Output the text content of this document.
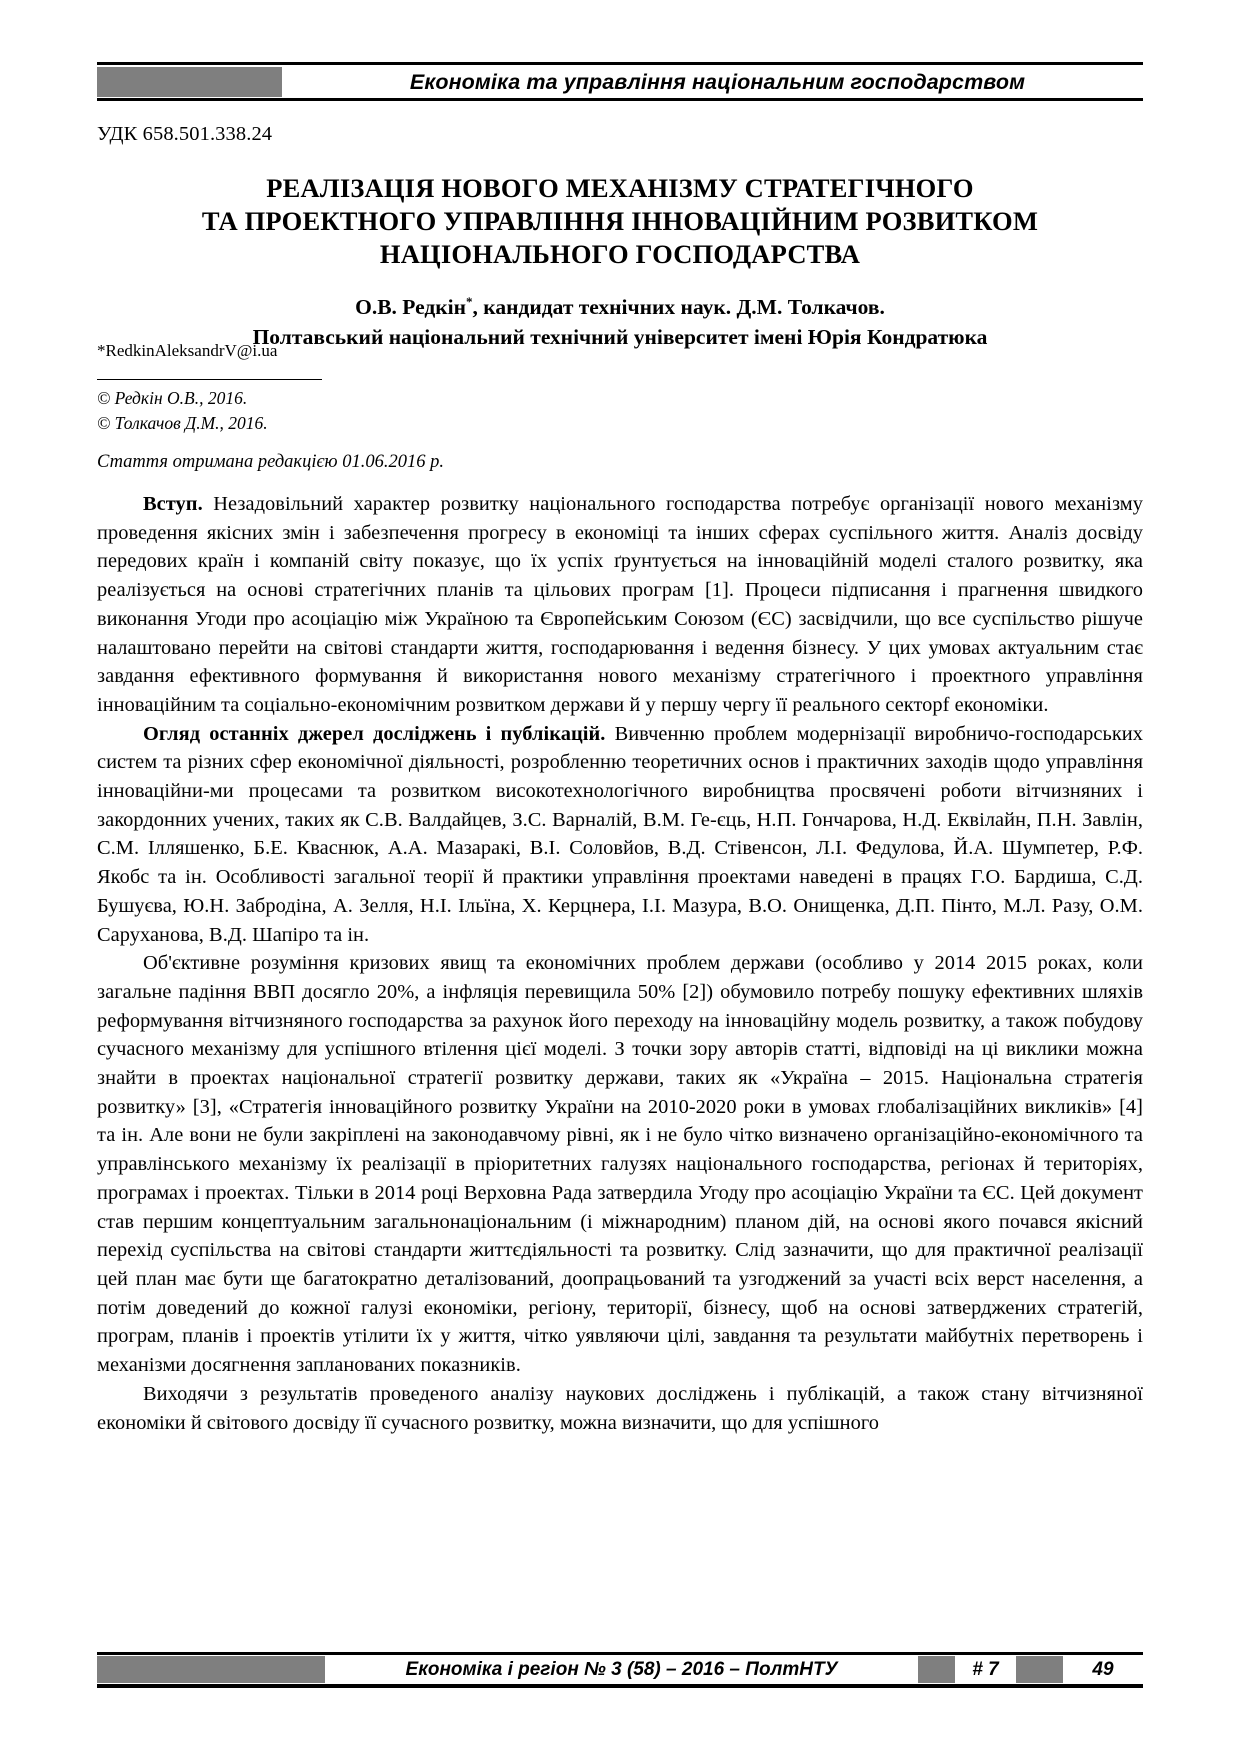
Економіка та управління національним господарством
УДК 658.501.338.24
РЕАЛІЗАЦІЯ НОВОГО МЕХАНІЗМУ СТРАТЕГІЧНОГО
ТА ПРОЕКТНОГО УПРАВЛІННЯ ІННОВАЦІЙНИМ РОЗВИТКОМ
НАЦІОНАЛЬНОГО ГОСПОДАРСТВА
О.В. Редкін*, кандидат технічних наук. Д.М. Толкачов.
Полтавський національний технічний університет імені Юрія Кондратюка
*RedkinAleksandrV@i.ua
© Редкін О.В., 2016.
© Толкачов Д.М., 2016.
Стаття отримана редакцією 01.06.2016 р.

Вступ. Незадовільний характер розвитку національного господарства потребує організації нового механізму проведення якісних змін і забезпечення прогресу в економіці та інших сферах суспільного життя. Аналіз досвіду передових країн і компаній світу показує, що їх успіх ґрунтується на інноваційній моделі сталого розвитку, яка реалізується на основі стратегічних планів та цільових програм [1]. Процеси підписання і прагнення швидкого виконання Угоди про асоціацію між Україною та Європейським Союзом (ЄС) засвідчили, що все суспільство рішуче налаштовано перейти на світові стандарти життя, господарювання і ведення бізнесу. У цих умовах актуальним стає завдання ефективного формування й використання нового механізму стратегічного і проектного управління інноваційним та соціально-економічним розвитком держави й у першу чергу її реального секторf економіки.

Огляд останніх джерел досліджень і публікацій. Вивченню проблем модернізації виробничо-господарських систем та різних сфер економічної діяльності, розробленню теоретичних основ і практичних заходів щодо управління інноваційни-ми процесами та розвитком високотехнологічного виробництва просвячені роботи вітчизняних і закордонних учених, таких як С.В. Валдайцев, З.С. Варналій, В.М. Ге-єць, Н.П. Гончарова, Н.Д. Еквілайн, П.Н. Завлін, С.М. Ілляшенко, Б.Е. Кваснюк, А.А. Мазаракі, В.І. Соловйов, В.Д. Стівенсон, Л.І. Федулова, Й.А. Шумпетер, Р.Ф. Якобс та ін. Особливості загальної теорії й практики управління проектами наведені в працях Г.О. Бардиша, С.Д. Бушуєва, Ю.Н. Забродіна, А. Зелля, Н.І. Ільїна, Х. Керцнера, І.І. Мазура, В.О. Онищенка, Д.П. Пінто, М.Л. Разу, О.М. Саруханова, В.Д. Шапіро та ін.

Об'єктивне розуміння кризових явищ та економічних проблем держави (особливо у 2014 2015 роках, коли загальне падіння ВВП досягло 20%, а інфляція перевищила 50% [2]) обумовило потребу пошуку ефективних шляхів реформування вітчизняного господарства за рахунок його переходу на інноваційну модель розвитку, а також побудову сучасного механізму для успішного втілення цієї моделі. З точки зору авторів статті, відповіді на ці виклики можна знайти в проектах національної стратегії розвитку держави, таких як «Україна – 2015. Національна стратегія розвитку» [3], «Стратегія інноваційного розвитку України на 2010-2020 роки в умовах глобалізаційних викликів» [4] та ін. Але вони не були закріплені на законодавчому рівні, як і не було чітко визначено організаційно-економічного та управлінського механізму їх реалізації в пріоритетних галузях національного господарства, регіонах й територіях, програмах і проектах. Тільки в 2014 році Верховна Рада затвердила Угоду про асоціацію України та ЄС. Цей документ став першим концептуальним загальнонаціональним (і міжнародним) планом дій, на основі якого почався якісний перехід суспільства на світові стандарти життєдіяльності та розвитку. Слід зазначити, що для практичної реалізації цей план має бути ще багатократно деталізований, доопрацьований та узгоджений за участі всіх верст населення, а потім доведений до кожної галузі економіки, регіону, території, бізнесу, щоб на основі затверджених стратегій, програм, планів і проектів утілити їх у життя, чітко уявляючи цілі, завдання та результати майбутніх перетворень і механізми досягнення запланованих показників.

Виходячи з результатів проведеного аналізу наукових досліджень і публікацій, а також стану вітчизняної економіки й світового досвіду її сучасного розвитку, можна визначити, що для успішного

Економіка і регіон № 3 (58) – 2016 – ПолтНТУ	# 7	49
